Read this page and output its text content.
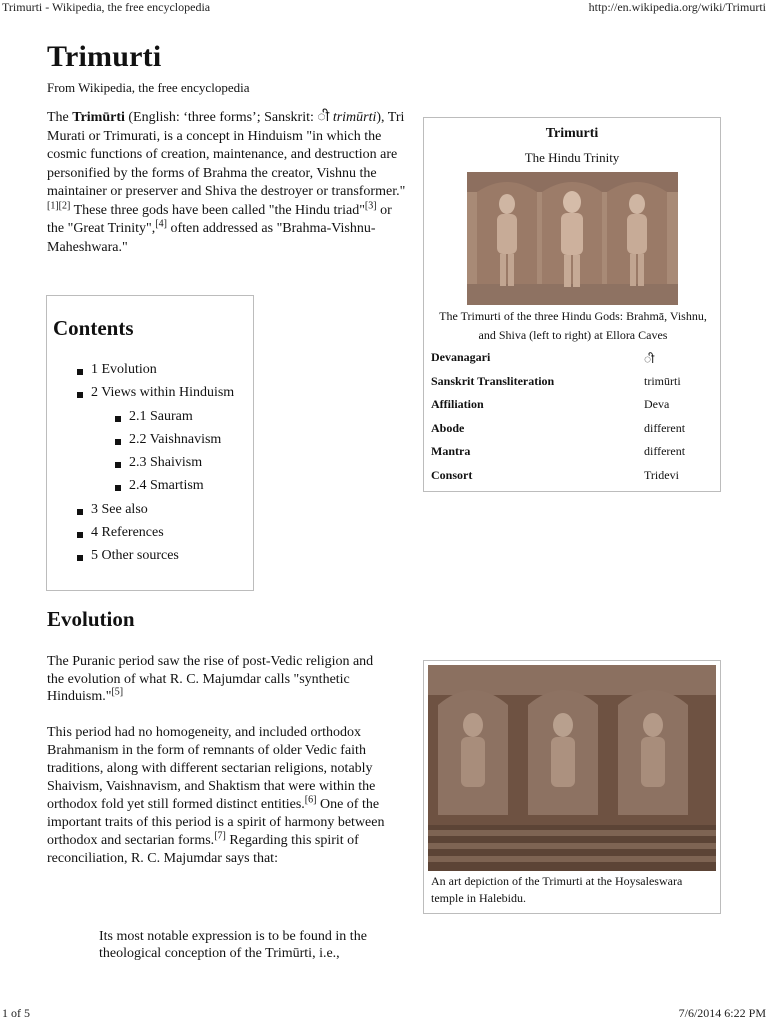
Trimurti - Wikipedia, the free encyclopedia	http://en.wikipedia.org/wiki/Trimurti
Trimurti
From Wikipedia, the free encyclopedia

The Trimūrti (English: ‘three forms’; Sanskrit: ी trimūrti), Tri Murati or Trimurati, is a concept in Hinduism "in which the cosmic functions of creation, maintenance, and destruction are personified by the forms of Brahma the creator, Vishnu the maintainer or preserver and Shiva the destroyer or transformer."[1][2] These three gods have been called "the Hindu triad"[3] or the "Great Trinity",[4] often addressed as "Brahma-Vishnu-Maheshwara."

Trimurti
The Hindu Trinity
The Trimurti of the three Hindu Gods: Brahmā, Vishnu, and Shiva (left to right) at Ellora Caves
Devanagari	ी
Sanskrit Transliteration	trimūrti
Affiliation	Deva
Abode	different
Mantra	different
Consort	Tridevi
Contents
1 Evolution
2 Views within Hinduism
2.1 Sauram
2.2 Vaishnavism
2.3 Shaivism
2.4 Smartism
3 See also
4 References
5 Other sources
Evolution

The Puranic period saw the rise of post-Vedic religion and the evolution of what R. C. Majumdar calls "synthetic Hinduism."[5]

This period had no homogeneity, and included orthodox Brahmanism in the form of remnants of older Vedic faith traditions, along with different sectarian religions, notably Shaivism, Vaishnavism, and Shaktism that were within the orthodox fold yet still formed distinct entities.[6] One of the important traits of this period is a spirit of harmony between orthodox and sectarian forms.[7] Regarding this spirit of reconciliation, R. C. Majumdar says that:

Its most notable expression is to be found in the theological conception of the Trimūrti, i.e.,

An art depiction of the Trimurti at the Hoysaleswara temple in Halebidu.
1 of 5	7/6/2014 6:22 PM
